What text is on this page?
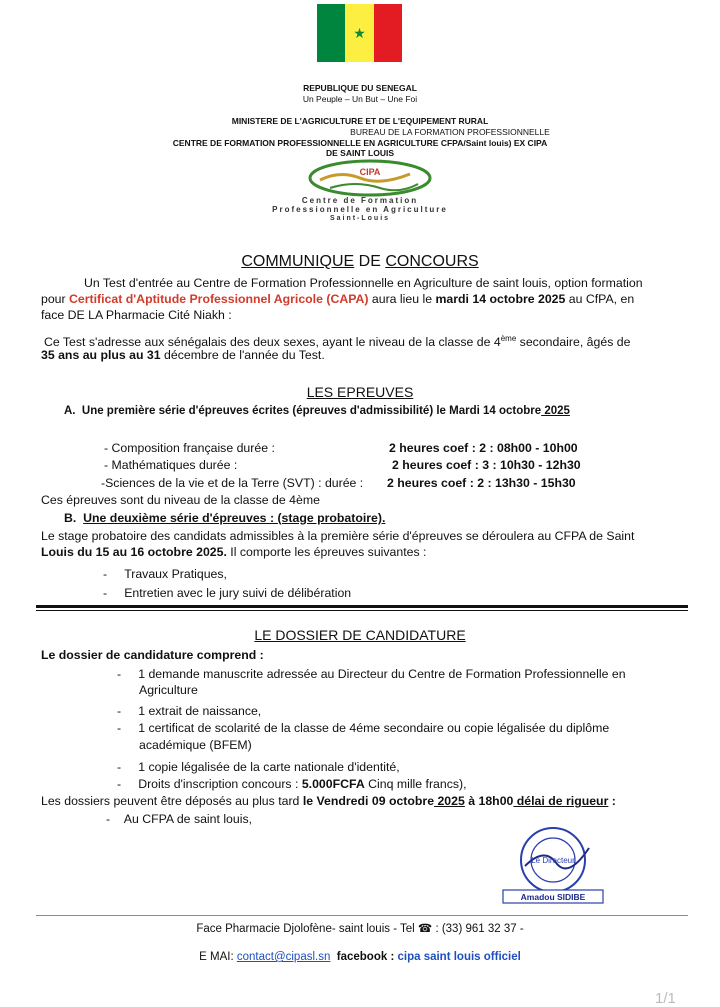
★
REPUBLIQUE DU SENEGAL
Un Peuple – Un But – Une Foi
MINISTERE DE L'AGRICULTURE ET DE L'EQUIPEMENT RURAL
BUREAU DE LA FORMATION PROFESSIONNELLE
CENTRE DE FORMATION PROFESSIONNELLE EN AGRICULTURE CFPA/Saint louis) EX CIPA
DE SAINT LOUIS
CIPA
Centre de Formation
Professionnelle en Agriculture
Saint-Louis
COMMUNIQUE DE CONCOURS
Un Test d'entrée au Centre de Formation Professionnelle en Agriculture de saint louis, option formation
pour Certificat d'Aptitude Professionnel Agricole (CAPA) aura lieu le mardi 14 octobre 2025 au CfPA, en
face DE LA Pharmacie Cité Niakh :
Ce Test s'adresse aux sénégalais des deux sexes, ayant le niveau de la classe de 4ème secondaire, âgés de
35 ans au plus au 31 décembre de l'année du Test.
LES EPREUVES
A. Une première série d'épreuves écrites (épreuves d'admissibilité) le Mardi 14 octobre 2025
- Composition française durée :	2 heures coef : 2 : 08h00 - 10h00
- Mathématiques durée :	2 heures coef : 3 : 10h30 - 12h30
-Sciences de la vie et de la Terre (SVT) : durée : 2 heures coef : 2 : 13h30 - 15h30
Ces épreuves sont du niveau de la classe de 4ème
B. Une deuxième série d'épreuves : (stage probatoire).
Le stage probatoire des candidats admissibles à la première série d'épreuves se déroulera au CFPA de Saint
Louis du 15 au 16 octobre 2025. Il comporte les épreuves suivantes :
-     Travaux Pratiques,
-     Entretien avec le jury suivi de délibération
LE DOSSIER DE CANDIDATURE
Le dossier de candidature comprend :
-     1 demande manuscrite adressée au Directeur du Centre de Formation Professionnelle en
Agriculture
-     1 extrait de naissance,
-     1 certificat de scolarité de la classe de 4éme secondaire ou copie légalisée du diplôme
académique (BFEM)
-     1 copie légalisée de la carte nationale d'identité,
-     Droits d'inscription concours : 5.000FCFA Cinq mille francs),
Les dossiers peuvent être déposés au plus tard le Vendredi 09 octobre 2025 à 18h00 délai de rigueur :
-    Au CFPA de saint louis,
Le Directeur
Amadou SIDIBE
Face Pharmacie Djolofène- saint louis - Tel ☎ : (33) 961 32 37 -
E MAI: contact@cipasl.sn facebook : cipa saint louis officiel
1/1
